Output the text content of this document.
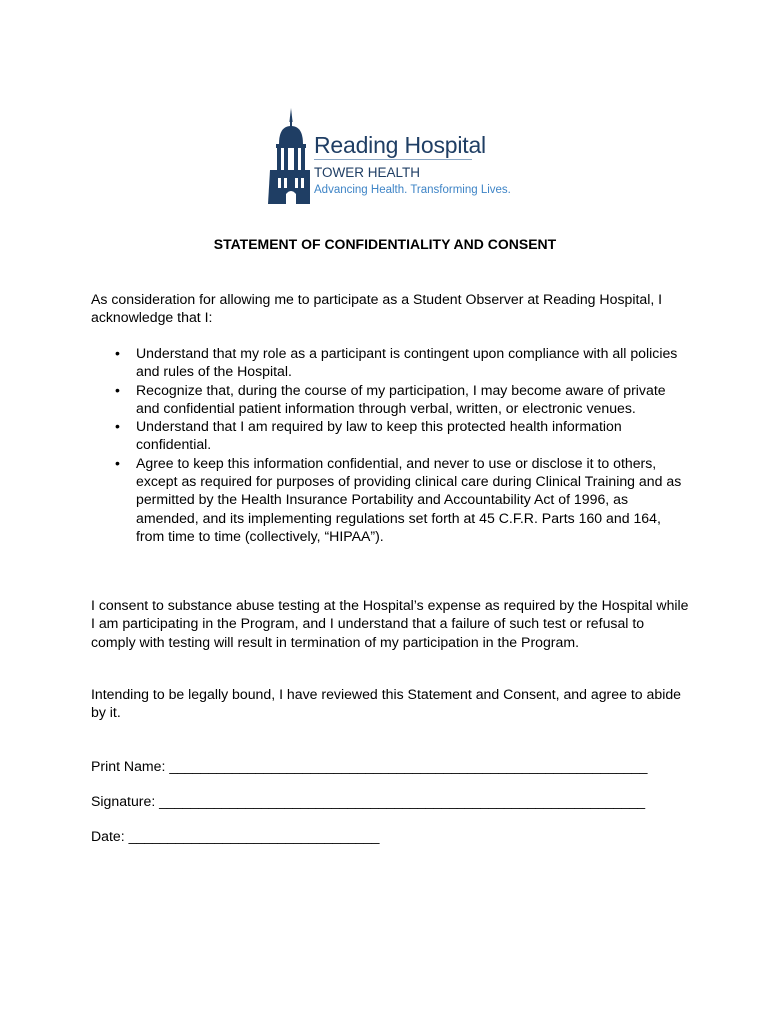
Reading Hospital
TOWER HEALTH
Advancing Health. Transforming Lives.
STATEMENT OF CONFIDENTIALITY AND CONSENT

As consideration for allowing me to participate as a Student Observer at Reading Hospital, I acknowledge that I:

• Understand that my role as a participant is contingent upon compliance with all policies and rules of the Hospital.
• Recognize that, during the course of my participation, I may become aware of private and confidential patient information through verbal, written, or electronic venues.
• Understand that I am required by law to keep this protected health information confidential.
• Agree to keep this information confidential, and never to use or disclose it to others, except as required for purposes of providing clinical care during Clinical Training and as permitted by the Health Insurance Portability and Accountability Act of 1996, as amended, and its implementing regulations set forth at 45 C.F.R. Parts 160 and 164, from time to time (collectively, “HIPAA”).

I consent to substance abuse testing at the Hospital’s expense as required by the Hospital while I am participating in the Program, and I understand that a failure of such test or refusal to comply with testing will result in termination of my participation in the Program.

Intending to be legally bound, I have reviewed this Statement and Consent, and agree to abide by it.

Print Name: _____________________________________________________________

Signature: ______________________________________________________________

Date: ________________________________
